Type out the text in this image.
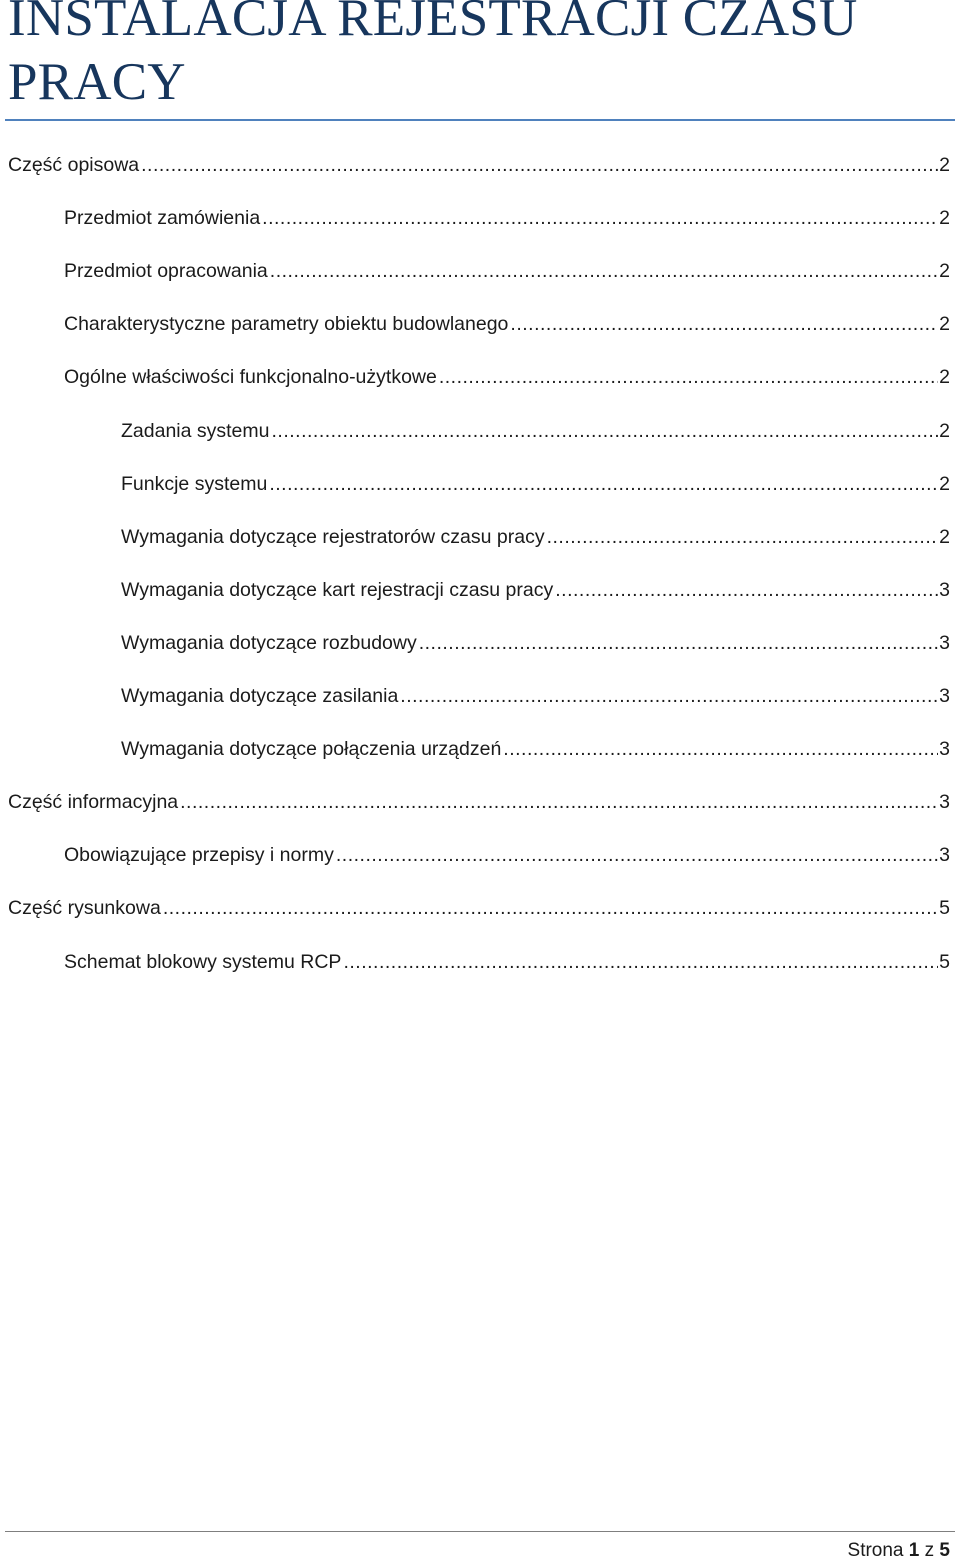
INSTALACJA REJESTRACJI CZASU PRACY
Część opisowa .....	2
Przedmiot zamówienia .....	2
Przedmiot opracowania .....	2
Charakterystyczne parametry obiektu budowlanego .....	2
Ogólne właściwości funkcjonalno-użytkowe .....	2
Zadania systemu .....	2
Funkcje systemu .....	2
Wymagania dotyczące rejestratorów czasu pracy .....	2
Wymagania dotyczące kart rejestracji czasu pracy .....	3
Wymagania dotyczące rozbudowy .....	3
Wymagania dotyczące zasilania .....	3
Wymagania dotyczące połączenia urządzeń .....	3
Część informacyjna .....	3
Obowiązujące przepisy i normy .....	3
Część rysunkowa .....	5
Schemat blokowy systemu RCP .....	5
Strona 1 z 5
